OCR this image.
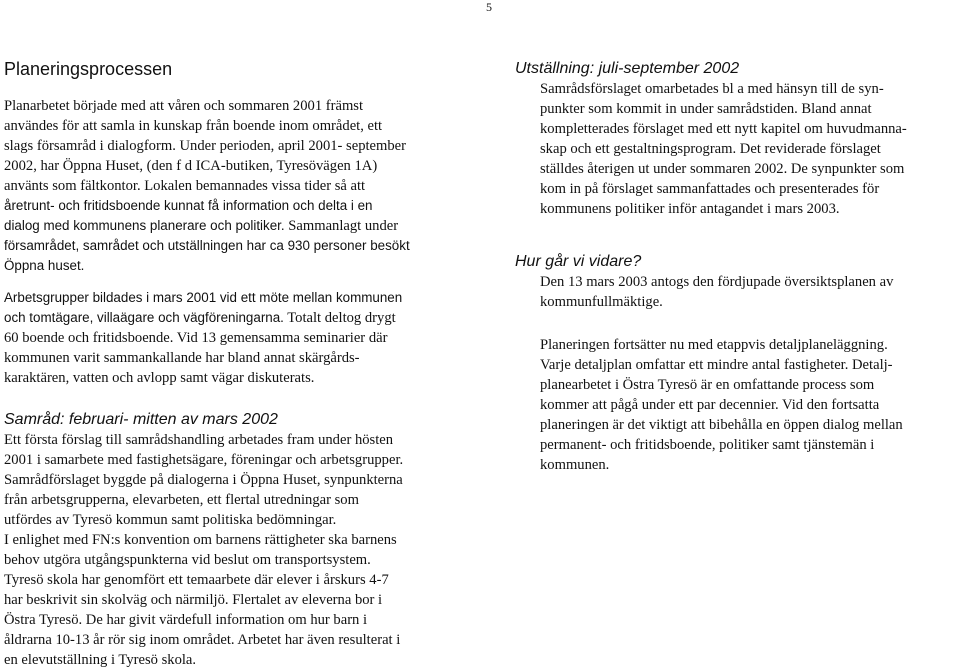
5
Planeringsprocessen

Planarbetet började med att våren och sommaren 2001 främst

användes för att samla in kunskap från boende inom området, ett

slags församråd i dialogform. Under perioden, april 2001- september

2002, har Öppna Huset, (den f d ICA-butiken, Tyresövägen 1A)

använts som fältkontor. Lokalen bemannades vissa tider så att

åretrunt- och fritidsboende kunnat få information och delta i en

dialog med kommunens planerare och politiker. Sammanlagt under

församrådet, samrådet och utställningen har ca 930 personer besökt

Öppna huset.

Arbetsgrupper bildades i mars 2001 vid ett möte mellan kommunen

och tomtägare, villaägare och vägföreningarna. Totalt deltog drygt

60 boende och fritidsboende. Vid 13 gemensamma seminarier där

kommunen varit sammankallande har bland annat skärgårds-

karaktären, vatten och avlopp samt vägar diskuterats.

Samråd: februari- mitten av mars 2002

Ett första förslag till samrådshandling arbetades fram under hösten

2001 i samarbete med fastighetsägare, föreningar och arbetsgrupper.

Samrådförslaget byggde på dialogerna i Öppna Huset, synpunkterna

från arbetsgrupperna, elevarbeten, ett flertal utredningar som

utfördes av Tyresö kommun samt politiska bedömningar.

I enlighet med FN:s konvention om barnens rättigheter ska barnens

behov utgöra utgångspunkterna vid beslut om transportsystem.

Tyresö skola har genomfört ett temaarbete där elever i årskurs 4-7

har beskrivit sin skolväg och närmiljö. Flertalet av eleverna bor i

Östra Tyresö. De har givit värdefull information om hur barn i

åldrarna 10-13 år rör sig inom området. Arbetet har även resulterat i

en elevutställning i Tyresö skola.

Utställning: juli-september 2002

Samrådsförslaget omarbetades bl a med hänsyn till de syn-

punkter som kommit in under samrådstiden. Bland annat

kompletterades förslaget med ett nytt kapitel om huvudmanna-

skap och ett gestaltningsprogram. Det reviderade förslaget

ställdes återigen ut under sommaren 2002. De synpunkter som

kom in på förslaget sammanfattades och presenterades för

kommunens politiker inför antagandet i mars 2003.

Hur går vi vidare?

Den 13 mars 2003 antogs den fördjupade översiktsplanen av

kommunfullmäktige.

Planeringen fortsätter nu med etappvis detaljplaneläggning.

Varje detaljplan omfattar ett mindre antal fastigheter. Detalj-

planearbetet i Östra Tyresö är en omfattande process som

kommer att pågå under ett par decennier. Vid den fortsatta

planeringen är det viktigt att bibehålla en öppen dialog mellan

permanent- och fritidsboende, politiker samt tjänstemän i

kommunen.
